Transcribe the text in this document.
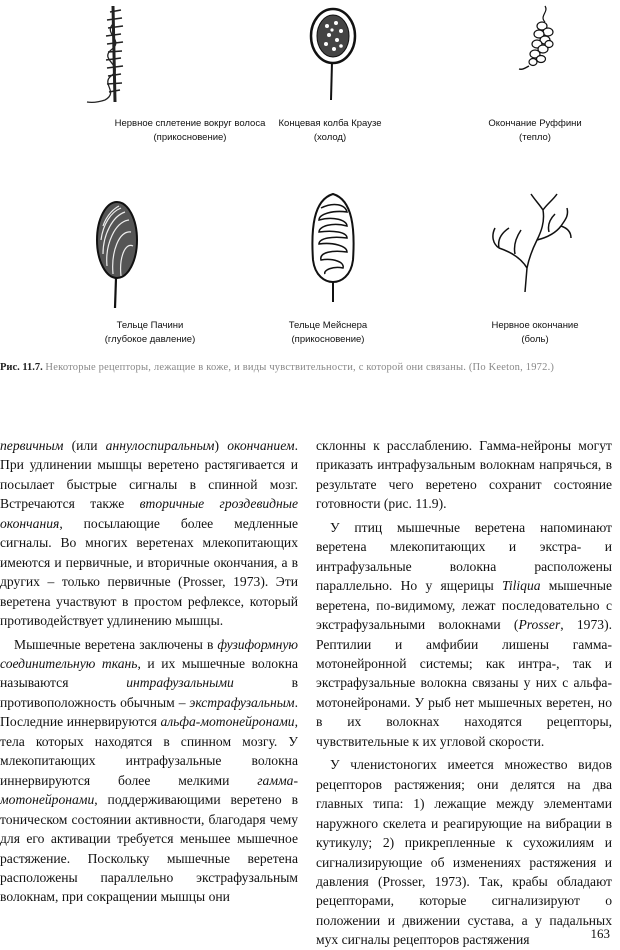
Нервное сплетение вокруг волоса
(прикосновение)
Концевая колба Краузе
(холод)
Окончание Руффини
(тепло)
Тельце Пачини
(глубокое давление)
Тельце Мейснера
(прикосновение)
Нервное окончание
(боль)
Рис. 11.7. Некоторые рецепторы, лежащие в коже, и виды чувствительности, с которой они связаны. (По Keeton, 1972.)

первичным (или аннулоспиральным) окончанием. При удлинении мышцы веретено растягивается и посылает быстрые сигналы в спинной мозг. Встречаются также вторичные гроздевидные окончания, посылающие более медленные сигналы. Во многих веретенах млекопитающих имеются и первичные, и вторичные окончания, а в других – только первичные (Prosser, 1973). Эти веретена участвуют в простом рефлексе, который противодействует удлинению мышцы.

Мышечные веретена заключены в фузиформную соединительную ткань, и их мышечные волокна называются интрафузальными в противоположность обычным – экстрафузальным. Последние иннервируются альфа-мотонейронами, тела которых находятся в спинном мозгу. У млекопитающих интрафузальные волокна иннервируются более мелкими гамма-мотонейронами, поддерживающими веретено в тоническом состоянии активности, благодаря чему для его активации требуется меньшее мышечное растяжение. Поскольку мышечные веретена расположены параллельно экстрафузальным волокнам, при сокращении мышцы они

склонны к расслаблению. Гамма-нейроны могут приказать интрафузальным волокнам напрячься, в результате чего веретено сохранит состояние готовности (рис. 11.9).

У птиц мышечные веретена напоминают веретена млекопитающих и экстра- и интрафузальные волокна расположены параллельно. Но у ящерицы Tiliqua мышечные веретена, по-видимому, лежат последовательно с экстрафузальными волокнами (Prosser, 1973). Рептилии и амфибии лишены гамма-мотонейронной системы; как интра-, так и экстрафузальные волокна связаны у них с альфа-мотонейронами. У рыб нет мышечных веретен, но в их волокнах находятся рецепторы, чувствительные к их угловой скорости.

У членистоногих имеется множество видов рецепторов растяжения; они делятся на два главных типа: 1) лежащие между элементами наружного скелета и реагирующие на вибрации в кутикулу; 2) прикрепленные к сухожилиям и сигнализирующие об изменениях растяжения и давления (Prosser, 1973). Так, крабы обладают рецепторами, которые сигнализируют о положении и движении сустава, а у падальных мух сигналы рецепторов растяжения	163
